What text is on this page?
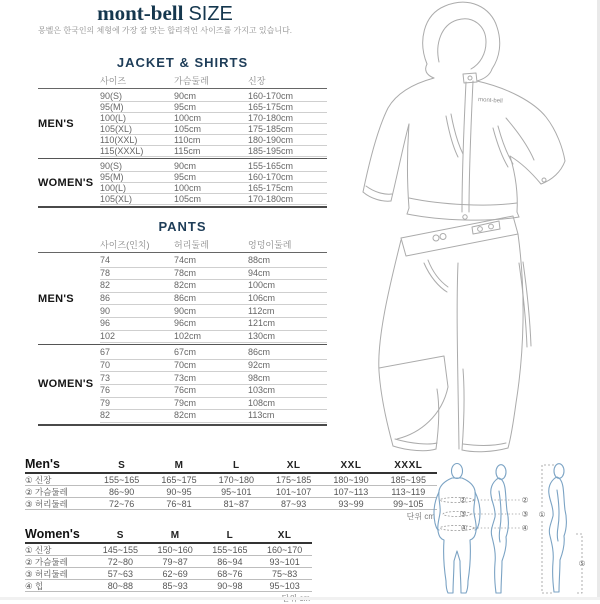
mont-bell SIZE
몽벨은 한국인의 체형에 가장 잘 맞는 합리적인 사이즈를 가지고 있습니다.
JACKET & SHIRTS
사이즈	가슴둘레	신장
MEN'S
90(S)	90cm	160-170cm
95(M)	95cm	165-175cm
100(L)	100cm	170-180cm
105(XL)	105cm	175-185cm
110(XXL)	110cm	180-190cm
115(XXXL)	115cm	185-195cm
WOMEN'S
90(S)	90cm	155-165cm
95(M)	95cm	160-170cm
100(L)	100cm	165-175cm
105(XL)	105cm	170-180cm
PANTS
사이즈(인치)	허리둘레	엉덩이둘레
MEN'S
74	74cm	88cm
78	78cm	94cm
82	82cm	100cm
86	86cm	106cm
90	90cm	112cm
96	96cm	121cm
102	102cm	130cm
WOMEN'S
67	67cm	86cm
70	70cm	92cm
73	73cm	98cm
76	76cm	103cm
79	79cm	108cm
82	82cm	113cm
Men's	S	M	L	XL	XXL	XXXL
① 신장	155~165	165~175	170~180	175~185	180~190	185~195
② 가슴둘레	86~90	90~95	95~101	101~107	107~113	113~119
③ 허리둘레	72~76	76~81	81~87	87~93	93~99	99~105
단위 cm
Women's	S	M	L	XL
① 신장	145~155	150~160	155~165	160~170
② 가슴둘레	72~80	79~87	86~94	93~101
③ 허리둘레	57~63	62~69	68~76	75~83
④ 힙	80~88	85~93	90~98	95~103
mont-bell
②
③
④
②
③
④
①
⑤
